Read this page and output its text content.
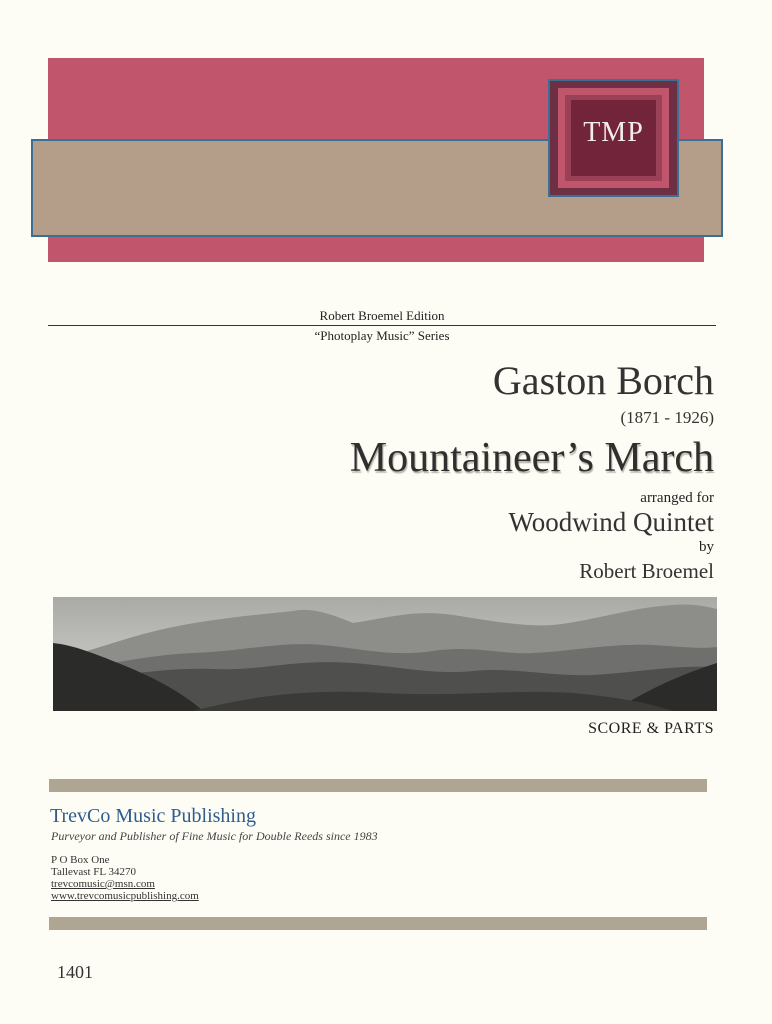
TMP
Robert Broemel Edition
“Photoplay Music” Series
Gaston Borch
(1871 - 1926)
Mountaineer’s March
arranged for
Woodwind Quintet
by
Robert Broemel
SCORE & PARTS
TrevCo Music Publishing
Purveyor and Publisher of Fine Music for Double Reeds since 1983
P O Box One
Tallevast FL 34270
trevcomusic@msn.com
www.trevcomusicpublishing.com
1401
